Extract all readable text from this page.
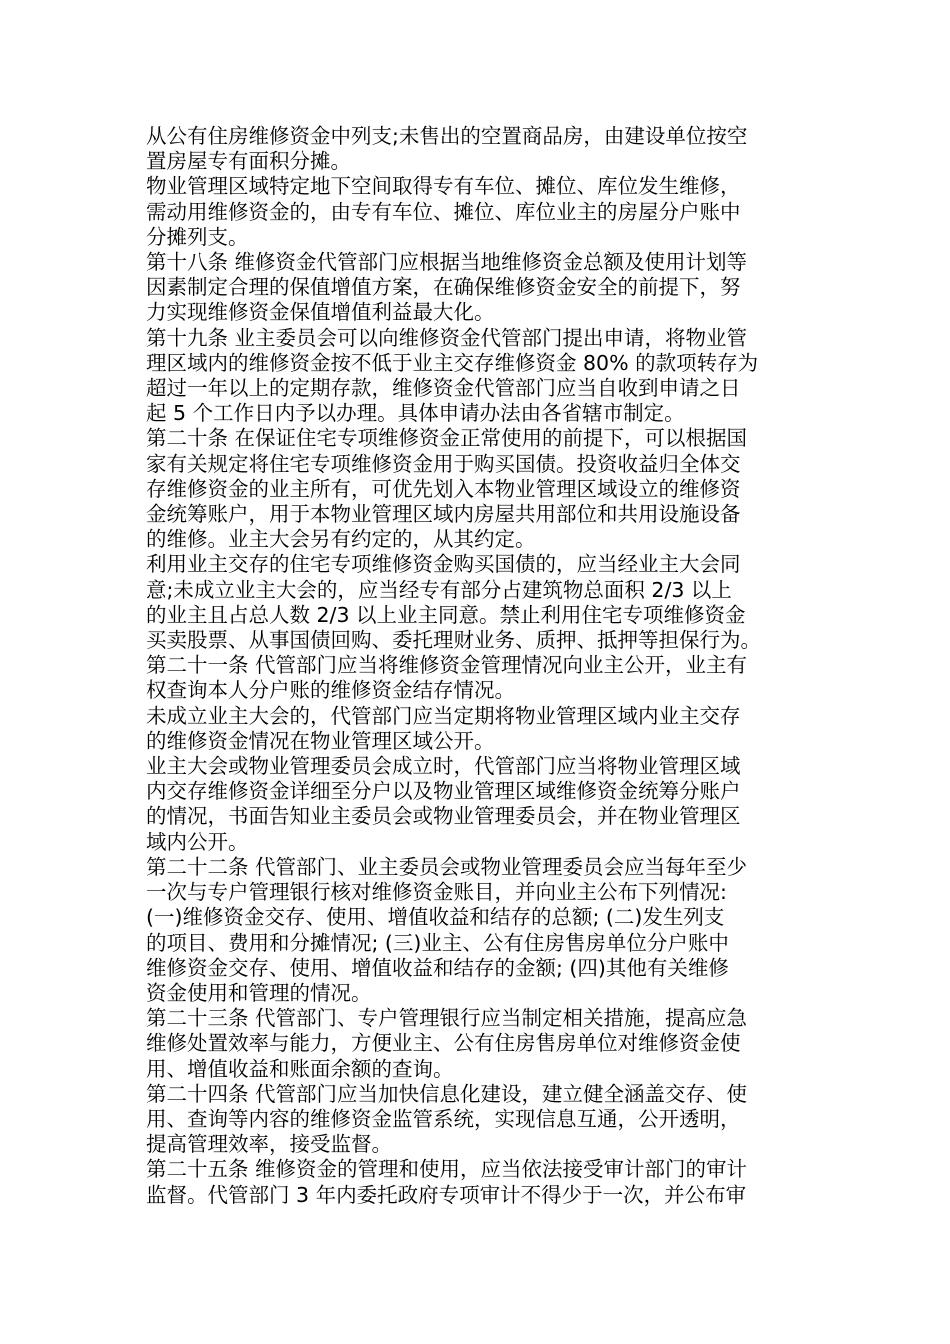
从公有住房维修资金中列支;未售出的空置商品房，由建设单位按空
置房屋专有面积分摊。
物业管理区域特定地下空间取得专有车位、摊位、库位发生维修，
需动用维修资金的，由专有车位、摊位、库位业主的房屋分户账中
分摊列支。
第十八条 维修资金代管部门应根据当地维修资金总额及使用计划等
因素制定合理的保值增值方案，在确保维修资金安全的前提下，努
力实现维修资金保值增值利益最大化。
第十九条 业主委员会可以向维修资金代管部门提出申请，将物业管
理区域内的维修资金按不低于业主交存维修资金 80% 的款项转存为
超过一年以上的定期存款，维修资金代管部门应当自收到申请之日
起 5 个工作日内予以办理。具体申请办法由各省辖市制定。
第二十条 在保证住宅专项维修资金正常使用的前提下，可以根据国
家有关规定将住宅专项维修资金用于购买国债。投资收益归全体交
存维修资金的业主所有，可优先划入本物业管理区域设立的维修资
金统筹账户，用于本物业管理区域内房屋共用部位和共用设施设备
的维修。业主大会另有约定的，从其约定。
利用业主交存的住宅专项维修资金购买国债的，应当经业主大会同
意;未成立业主大会的，应当经专有部分占建筑物总面积 2/3 以上
的业主且占总人数 2/3 以上业主同意。禁止利用住宅专项维修资金
买卖股票、从事国债回购、委托理财业务、质押、抵押等担保行为。
第二十一条 代管部门应当将维修资金管理情况向业主公开，业主有
权查询本人分户账的维修资金结存情况。
未成立业主大会的，代管部门应当定期将物业管理区域内业主交存
的维修资金情况在物业管理区域公开。
业主大会或物业管理委员会成立时，代管部门应当将物业管理区域
内交存维修资金详细至分户以及物业管理区域维修资金统筹分账户
的情况，书面告知业主委员会或物业管理委员会，并在物业管理区
域内公开。
第二十二条 代管部门、业主委员会或物业管理委员会应当每年至少
一次与专户管理银行核对维修资金账目，并向业主公布下列情况:
(一)维修资金交存、使用、增值收益和结存的总额; (二)发生列支
的项目、费用和分摊情况; (三)业主、公有住房售房单位分户账中
维修资金交存、使用、增值收益和结存的金额; (四)其他有关维修
资金使用和管理的情况。
第二十三条 代管部门、专户管理银行应当制定相关措施，提高应急
维修处置效率与能力，方便业主、公有住房售房单位对维修资金使
用、增值收益和账面余额的查询。
第二十四条 代管部门应当加快信息化建设，建立健全涵盖交存、使
用、查询等内容的维修资金监管系统，实现信息互通，公开透明，
提高管理效率，接受监督。
第二十五条 维修资金的管理和使用，应当依法接受审计部门的审计
监督。代管部门 3 年内委托政府专项审计不得少于一次，并公布审
